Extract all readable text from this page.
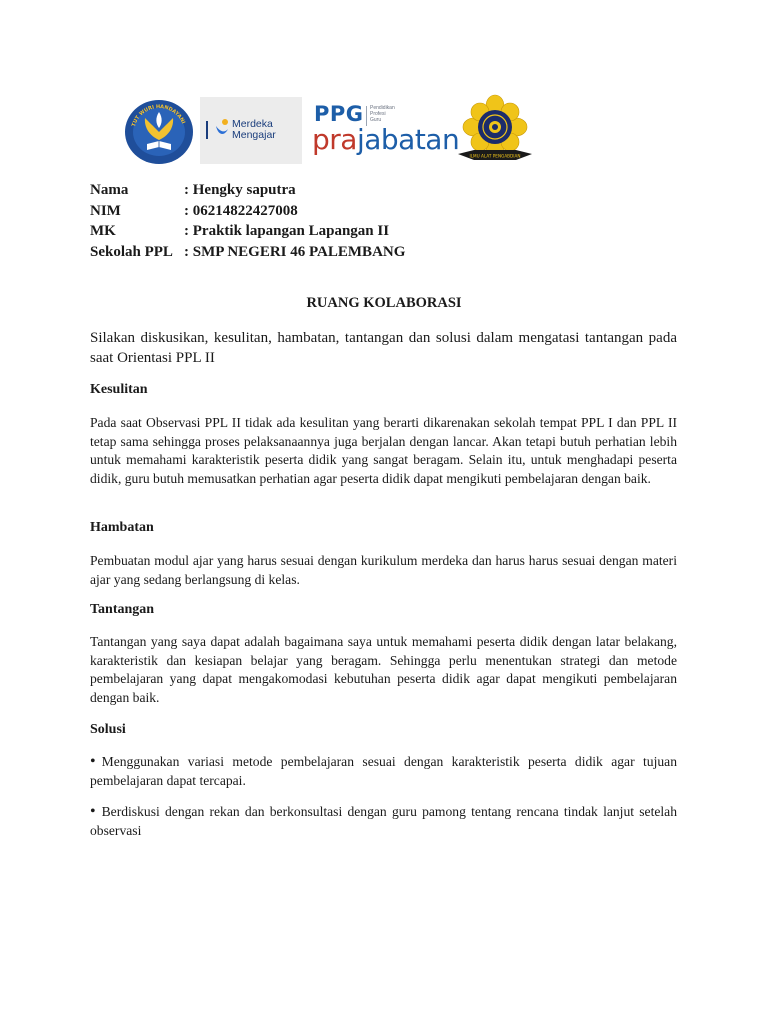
TUT WURI HANDAYANI	Merdeka
Mengajar
PPG Pendidikan
Profesi
Guru
prajabatan ILMU ALAT PENGABDIAN
Nama	: Hengky saputra
NIM	: 06214822427008
MK	: Praktik lapangan Lapangan II
Sekolah PPL : SMP NEGERI 46 PALEMBANG
RUANG KOLABORASI
Silakan diskusikan, kesulitan, hambatan, tantangan dan solusi dalam mengatasi tantangan pada saat Orientasi PPL II
Kesulitan
Pada saat Observasi PPL II tidak ada kesulitan yang berarti dikarenakan sekolah tempat PPL I dan PPL II tetap sama sehingga proses pelaksanaannya juga berjalan dengan lancar. Akan tetapi butuh perhatian lebih untuk memahami karakteristik peserta didik yang sangat beragam. Selain itu, untuk menghadapi peserta didik, guru butuh memusatkan perhatian agar peserta didik dapat mengikuti pembelajaran dengan baik.
Hambatan
Pembuatan modul ajar yang harus sesuai dengan kurikulum merdeka dan harus harus sesuai dengan materi ajar yang sedang berlangsung di kelas.
Tantangan
Tantangan yang saya dapat adalah bagaimana saya untuk memahami peserta didik dengan latar belakang, karakteristik dan kesiapan belajar yang beragam. Sehingga perlu menentukan strategi dan metode pembelajaran yang dapat mengakomodasi kebutuhan peserta didik agar dapat mengikuti pembelajaran dengan baik.
Solusi
• Menggunakan variasi metode pembelajaran sesuai dengan karakteristik peserta didik agar tujuan pembelajaran dapat tercapai.
• Berdiskusi dengan rekan dan berkonsultasi dengan guru pamong tentang rencana tindak lanjut setelah observasi
